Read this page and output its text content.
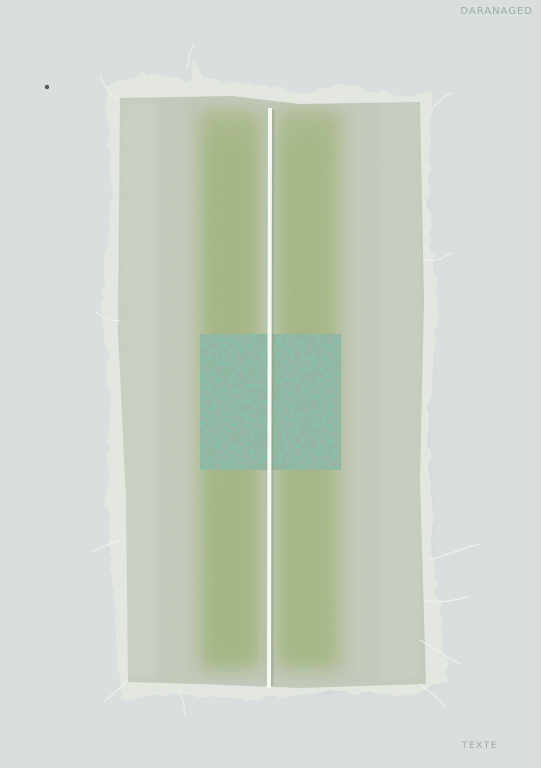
DARANAGED
TEXTE
